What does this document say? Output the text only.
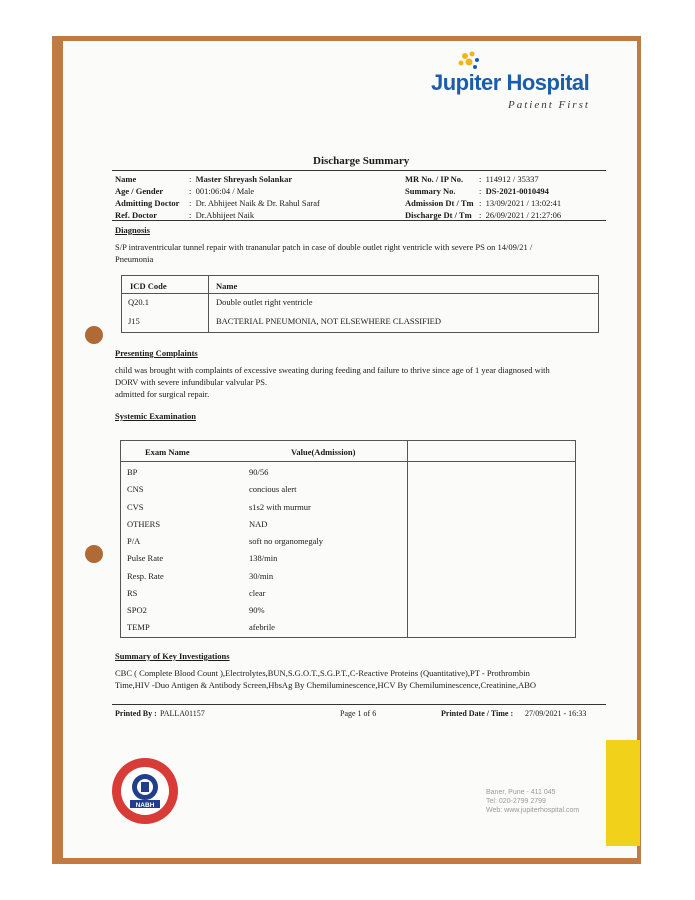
Jupiter Hospital
Patient First
Discharge Summary
Name	:  Master Shreyash Solankar
Age / Gender	:  001:06:04 / Male
Admitting Doctor :  Dr. Abhijeet Naik & Dr. Rahul Saraf
Ref. Doctor	:  Dr.Abhijeet Naik
MR No. / IP No. :  114912 / 35337
Summary No.	:  DS-2021-0010494
Admission Dt / Tm :  13/09/2021 / 13:02:41
Discharge Dt / Tm :  26/09/2021 / 21:27:06
Diagnosis
S/P intraventricular tunnel repair with trananular patch in case of double outlet right ventricle with severe PS on 14/09/21 /
Pneumonia
ICD Code	Name
Q20.1	Double outlet right ventricle
J15	BACTERIAL PNEUMONIA, NOT ELSEWHERE CLASSIFIED
Presenting Complaints
child was brought with complaints of excessive sweating during feeding and failure to thrive since age of 1 year diagnosed with
DORV with severe infundibular valvular PS.
admitted for surgical repair.
Systemic Examination
Exam Name	Value(Admission)
BP	90/56
CNS	concious alert
CVS	s1s2 with murmur
OTHERS	NAD
P/A	soft no organomegaly
Pulse Rate	138/min
Resp. Rate	30/min
RS	clear
SPO2	90%
TEMP	afebrile
Summary of Key Investigations
CBC ( Complete Blood Count ),Electrolytes,BUN,S.G.O.T.,S.G.P.T.,C-Reactive Proteins (Quantitative),PT - Prothrombin
Time,HIV -Duo Antigen & Antibody Screen,HbsAg By Chemiluminescence,HCV By Chemiluminescence,Creatinine,ABO
Printed By : PALLA01157	Page 1 of 6	Printed Date / Time : 27/09/2021 - 16:33
NABH
Baner, Pune - 411 045
Tel: 020-2799 2799
Web: www.jupiterhospital.com
